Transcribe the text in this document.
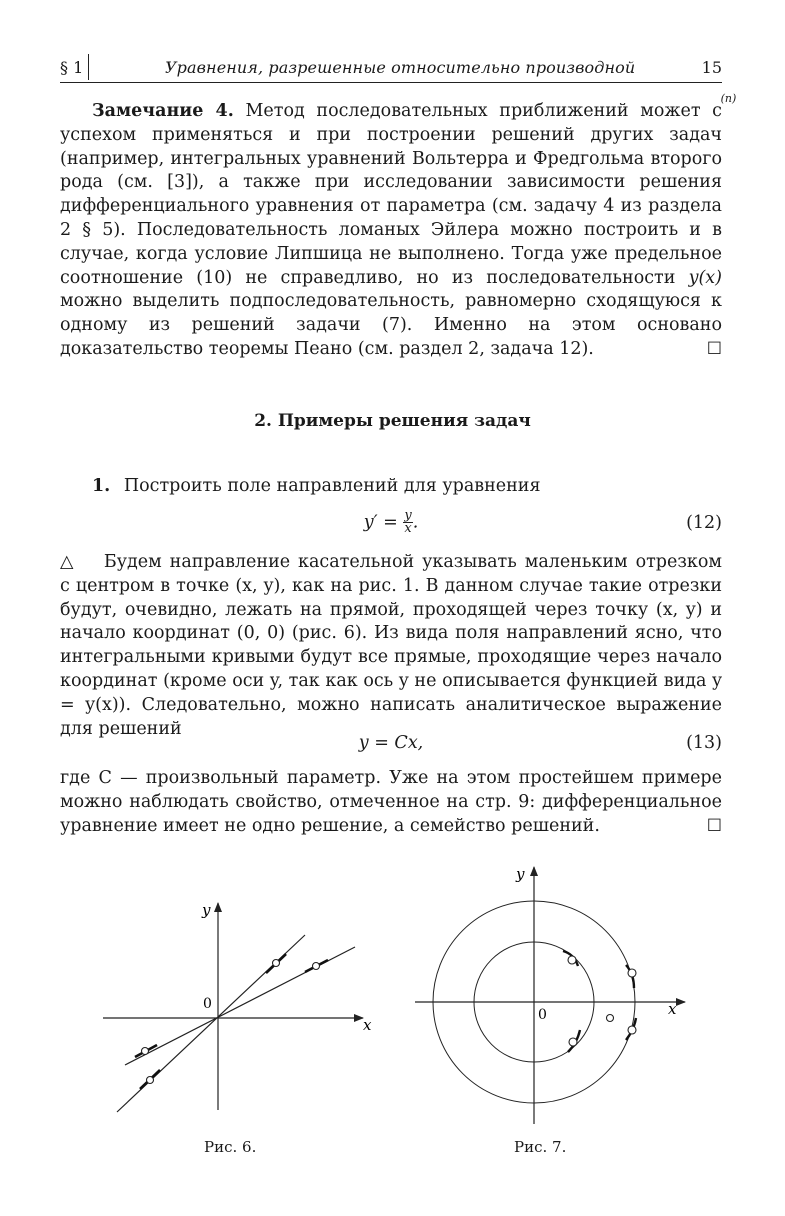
§ 1	Уравнения, разрешенные относительно производной	15
Замечание 4. Метод последовательных приближений может с успехом применяться и при построении решений других задач (например, интегральных уравнений Вольтерра и Фредгольма второго рода (см. [3]), а также при исследовании зависимости решения дифференциального уравнения от параметра (см. задачу 4 из раздела 2 § 5). Последовательность ломаных Эйлера можно построить и в случае, когда условие Липшица не выполнено. Тогда уже предельное соотношение (10) не справедливо, но из последовательности
(n)
y(x) можно выделить подпоследовательность, равномерно сходящуюся к одному из решений задачи (7). Именно на этом основано доказательство теоремы Пеано (см. раздел 2, задача 12).	☐
2. Примеры решения задач
1. Построить поле направлений для уравнения
$y' = \frac{y}{x}$ .	(12)
△ Будем направление касательной указывать маленьким отрезком с центром в точке (x, y), как на рис. 1. В данном случае такие отрезки будут, очевидно, лежать на прямой, проходящей через точку (x, y) и начало координат (0, 0) (рис. 6). Из вида поля направлений ясно, что интегральными кривыми будут все прямые, проходящие через начало координат (кроме оси y, так как ось y не описывается функцией вида y = y(x)). Следовательно, можно написать аналитическое выражение для решений
y = Cx,	(13)
где C — произвольный параметр. Уже на этом простейшем примере можно наблюдать свойство, отмеченное на стр. 9: дифференциальное уравнение имеет не одно решение, а семейство решений.	☐
y
x
0
Рис. 6.
y
x
0
Рис. 7.
